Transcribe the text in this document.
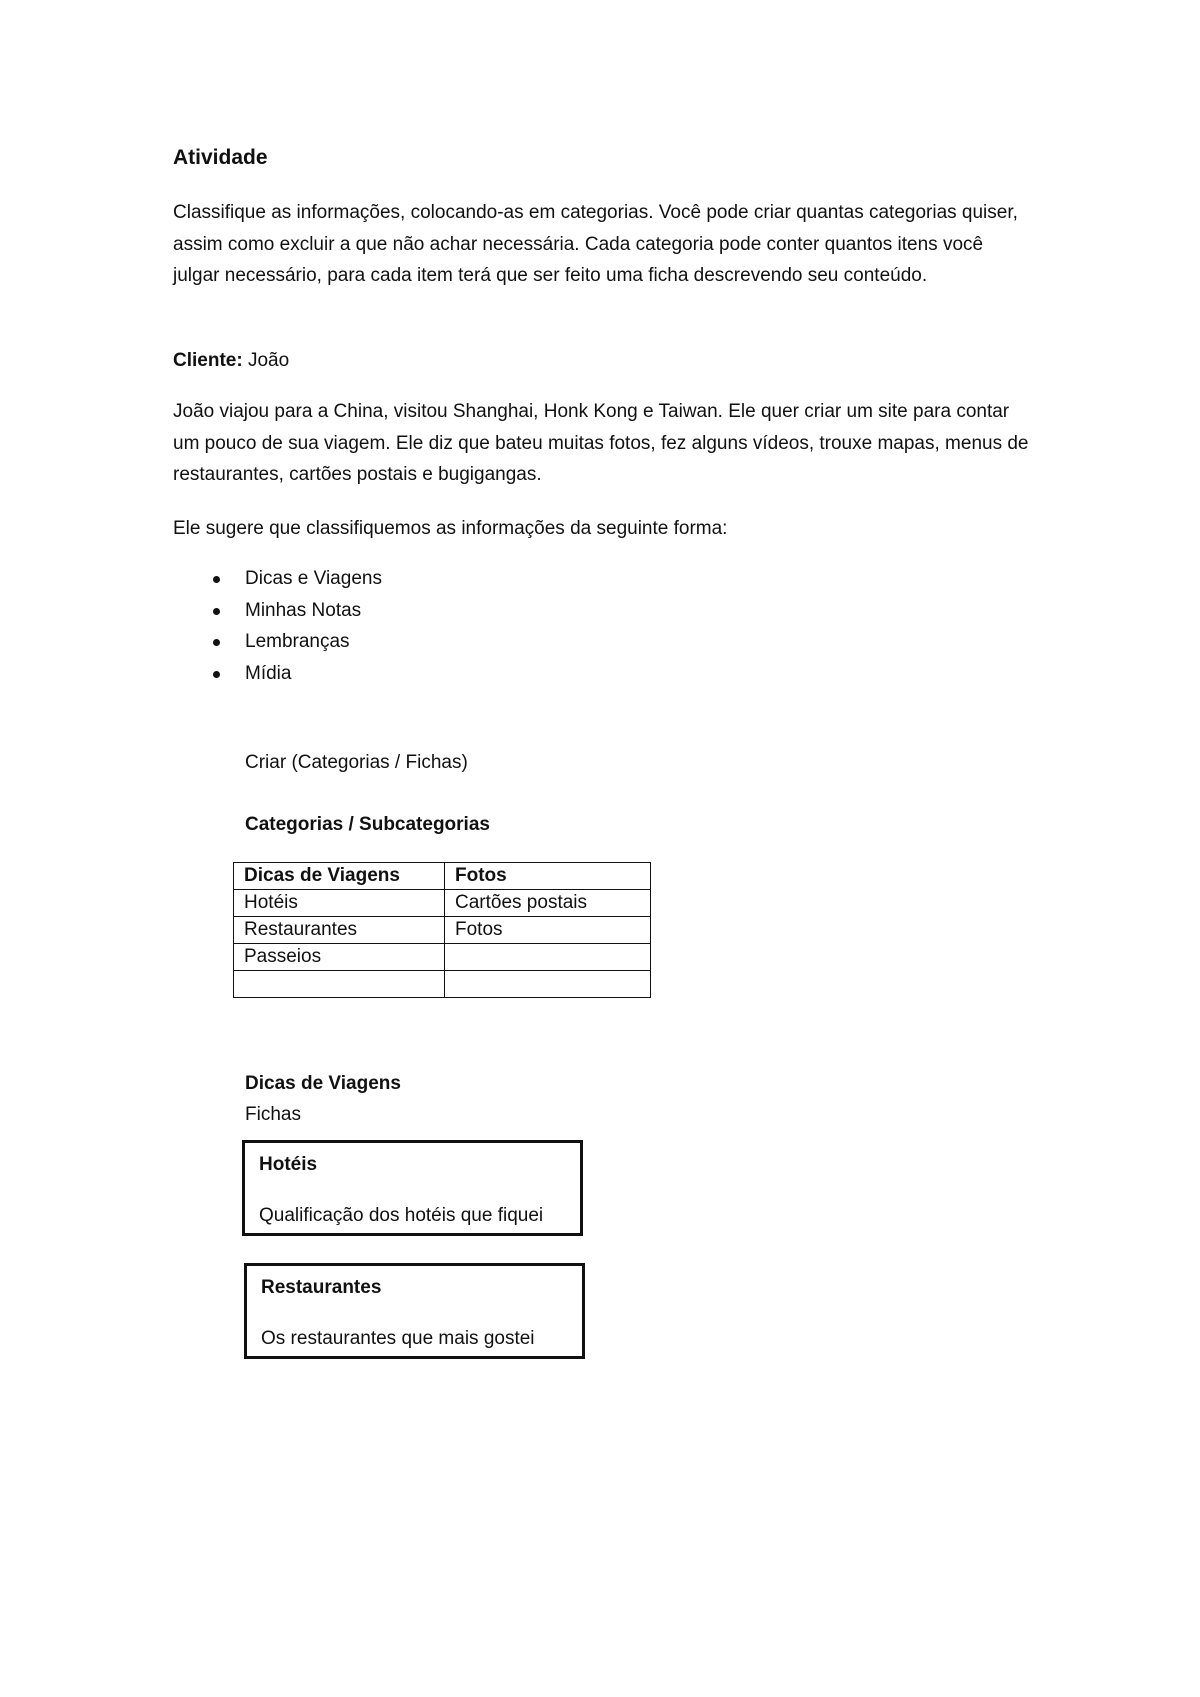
Atividade

Classifique as informações, colocando-as em categorias. Você pode criar quantas categorias quiser, assim como excluir a que não achar necessária. Cada categoria pode conter quantos itens você julgar necessário, para cada item terá que ser feito uma ficha descrevendo seu conteúdo.

Cliente: João

João viajou para a China, visitou Shanghai, Honk Kong e Taiwan. Ele quer criar um site para contar um pouco de sua viagem. Ele diz que bateu muitas fotos, fez alguns vídeos, trouxe mapas, menus de restaurantes, cartões postais e bugigangas.

Ele sugere que classifiquemos as informações da seguinte forma:

Dicas e Viagens
Minhas Notas
Lembranças
Mídia

Criar (Categorias / Fichas)

Categorias / Subcategorias

Dicas de Viagens	Fotos
Hotéis	Cartões postais
Restaurantes	Fotos
Passeios	

Dicas de Viagens

Fichas

Hotéis

Qualificação dos hotéis que fiquei

Restaurantes

Os restaurantes que mais gostei
